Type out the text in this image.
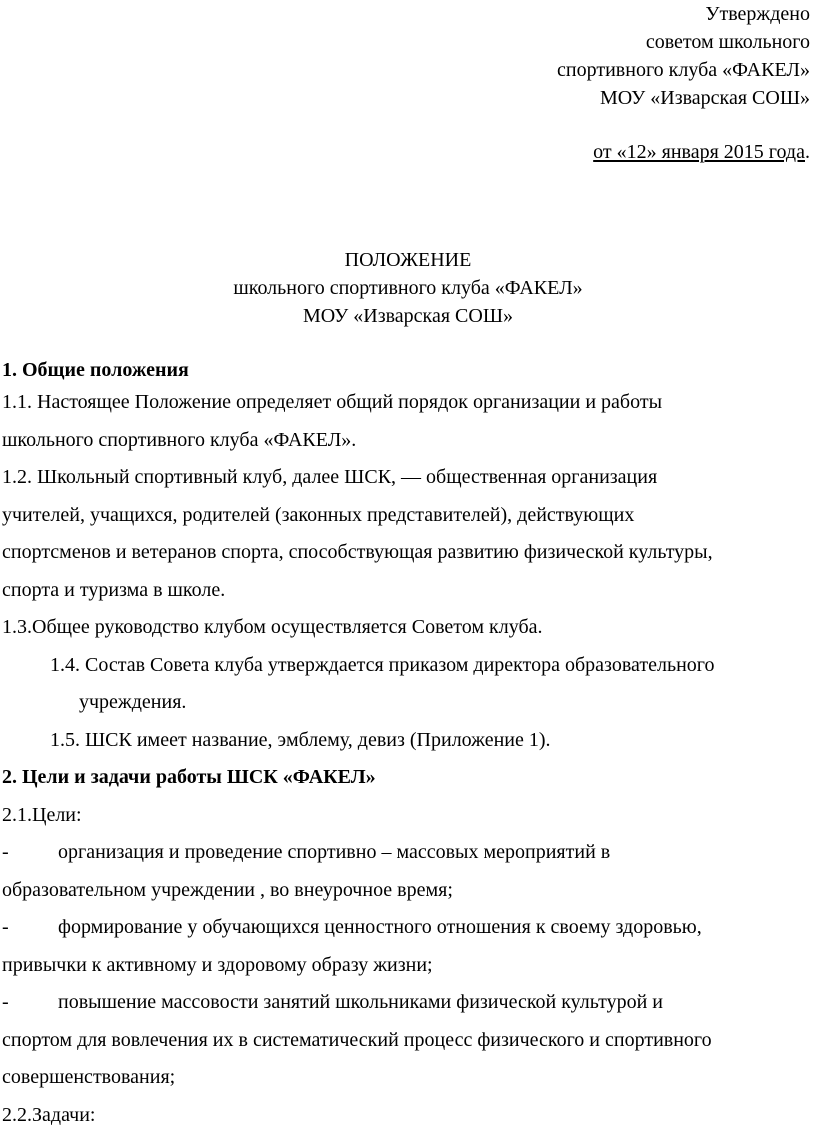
Утверждено
советом школьного
спортивного клуба «ФАКЕЛ»
МОУ «Изварская СОШ»
от «12» января 2015 года.
ПОЛОЖЕНИЕ
школьного спортивного клуба «ФАКЕЛ»
МОУ «Изварская СОШ»
1. Общие положения
1.1. Настоящее Положение определяет общий порядок организации и работы
школьного спортивного клуба «ФАКЕЛ».
1.2. Школьный спортивный клуб, далее ШСК, — общественная организация
учителей, учащихся, родителей (законных представителей), действующих
спортсменов и ветеранов спорта, способствующая развитию физической культуры,
спорта и туризма в школе.
1.3.Общее руководство клубом осуществляется Советом клуба.
1.4. Состав Совета клуба утверждается приказом директора образовательного
учреждения.
1.5. ШСК имеет название, эмблему, девиз (Приложение 1).
2. Цели и задачи работы ШСК «ФАКЕЛ»
2.1.Цели:
-	организация и проведение спортивно – массовых мероприятий в
образовательном учреждении , во внеурочное время;
-	формирование у обучающихся ценностного отношения к своему здоровью,
привычки к активному и здоровому образу жизни;
-	повышение массовости занятий школьниками физической культурой и
спортом для вовлечения их в систематический процесс физического и спортивного
совершенствования;
2.2.Задачи:
